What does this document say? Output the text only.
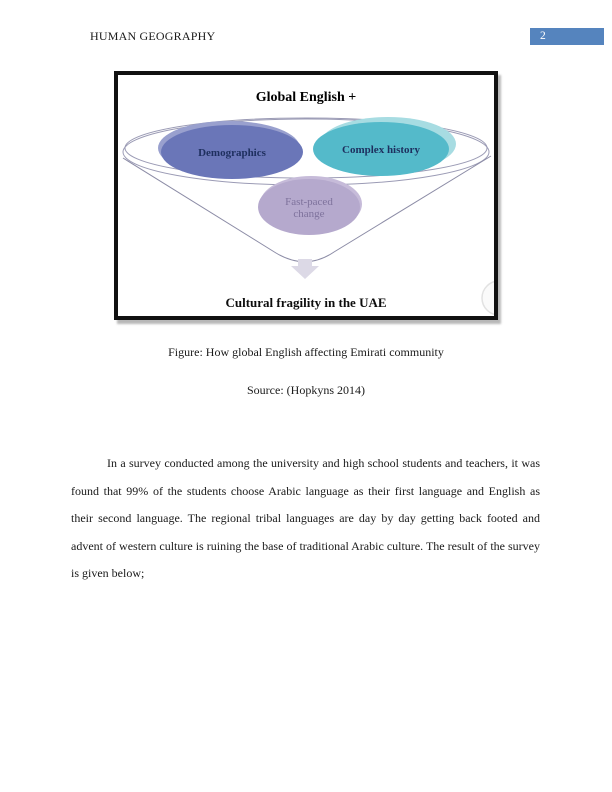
HUMAN GEOGRAPHY	2
Global English +
Demographics	Complex history
Fast-paced
change
Cultural fragility in the UAE

Figure: How global English affecting Emirati community

Source: (Hopkyns 2014)

In a survey conducted among the university and high school students and teachers, it was found that 99% of the students choose Arabic language as their first language and English as their second language. The regional tribal languages are day by day getting back footed and advent of western culture is ruining the base of traditional Arabic culture. The result of the survey is given below;
